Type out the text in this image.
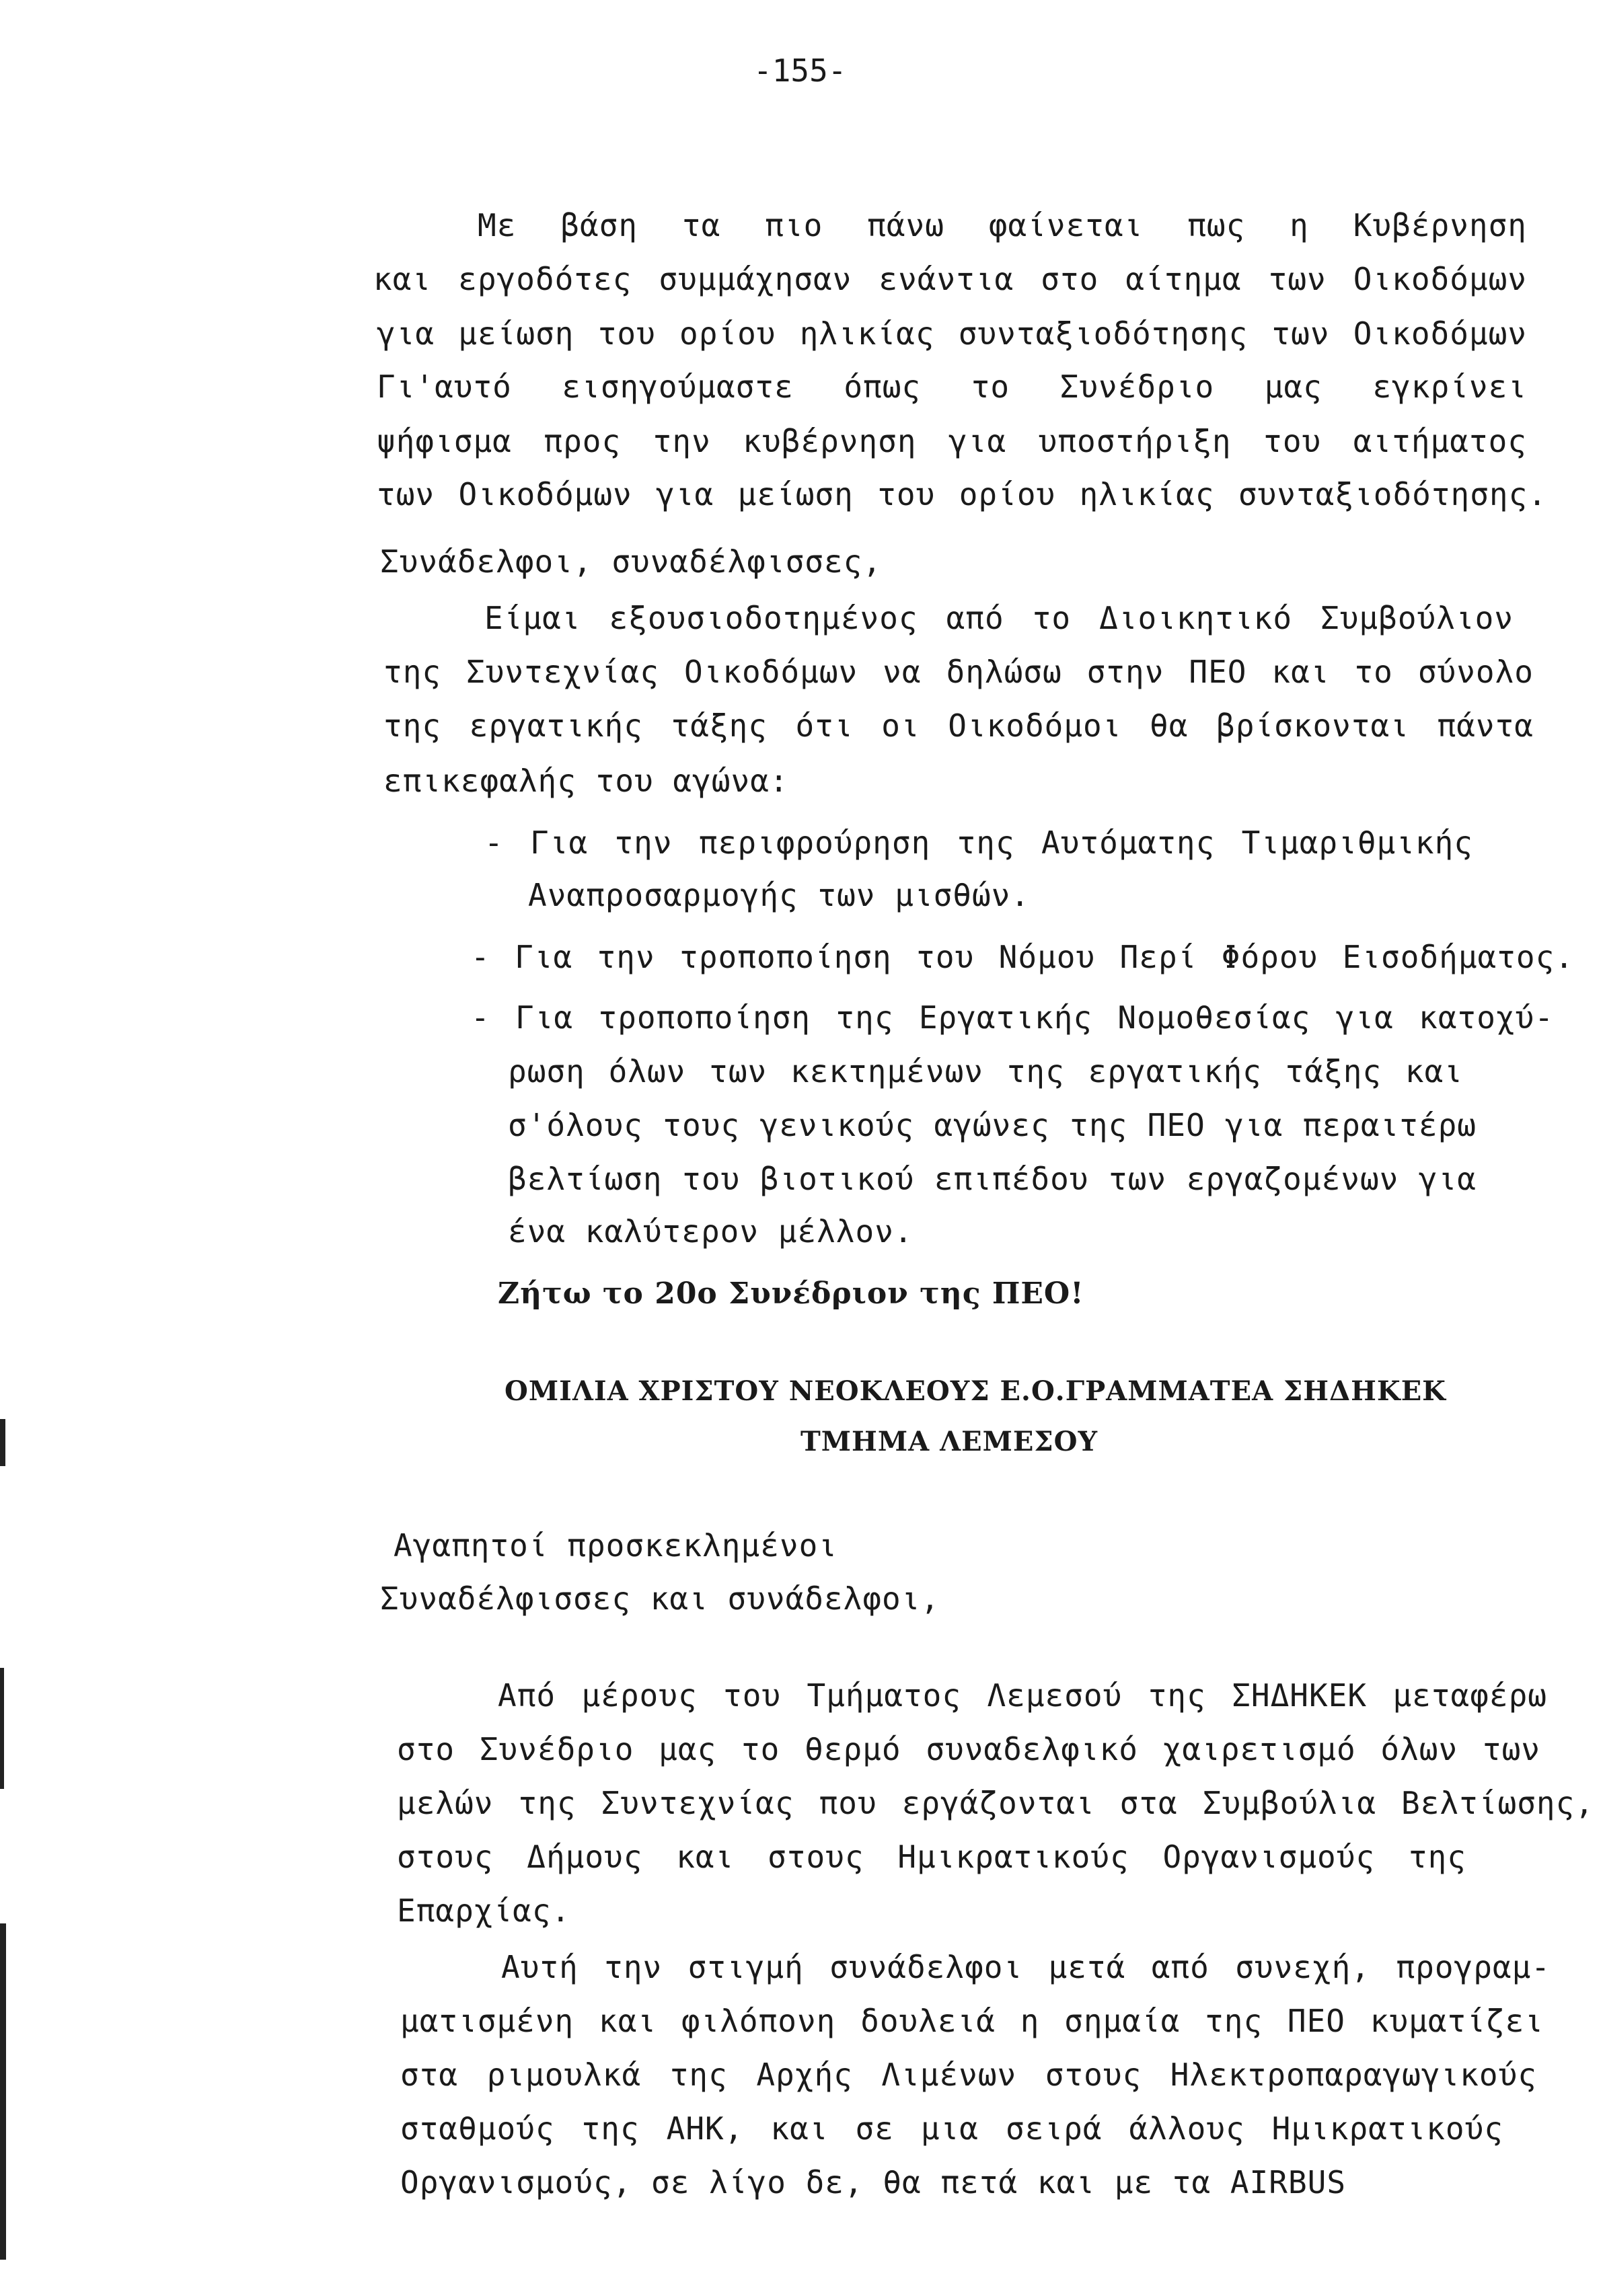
-155-
Με βάση τα πιο πάνω φαίνεται πως η Κυβέρνηση
και εργοδότες συμμάχησαν ενάντια στο αίτημα των Οικοδόμων
για μείωση του ορίου ηλικίας συνταξιοδότησης των Οικοδόμων
Γι'αυτό εισηγούμαστε όπως το Συνέδριο μας εγκρίνει
ψήφισμα προς την κυβέρνηση για υποστήριξη του αιτήματος
των Οικοδόμων για μείωση του ορίου ηλικίας συνταξιοδότησης.
Συνάδελφοι, συναδέλφισσες,
Είμαι εξουσιοδοτημένος από το Διοικητικό Συμβούλιον
της Συντεχνίας Οικοδόμων να δηλώσω στην ΠΕΟ και το σύνολο
της εργατικής τάξης ότι οι Οικοδόμοι θα βρίσκονται πάντα
επικεφαλής του αγώνα:
- Για την περιφρούρηση της Αυτόματης Τιμαριθμικής
Αναπροσαρμογής των μισθών.
- Για την τροποποίηση του Νόμου Περί Φόρου Εισοδήματος.
- Για τροποποίηση της Εργατικής Νομοθεσίας για κατοχύ-
ρωση όλων των κεκτημένων της εργατικής τάξης και
σ'όλους τους γενικούς αγώνες της ΠΕΟ για περαιτέρω
βελτίωση του βιοτικού επιπέδου των εργαζομένων για
ένα καλύτερον μέλλον.
Ζήτω το 20ο Συνέδριον της ΠΕΟ!
ΟΜΙΛΙΑ ΧΡΙΣΤΟΥ ΝΕΟΚΛΕΟΥΣ Ε.Ο.ΓΡΑΜΜΑΤΕΑ ΣΗΔΗΚΕΚ
ΤΜΗΜΑ ΛΕΜΕΣΟΥ
Αγαπητοί προσκεκλημένοι
Συναδέλφισσες και συνάδελφοι,
Από μέρους του Τμήματος Λεμεσού της ΣΗΔΗΚΕΚ μεταφέρω
στο Συνέδριο μας το θερμό συναδελφικό χαιρετισμό όλων των
μελών της Συντεχνίας που εργάζονται στα Συμβούλια Βελτίωσης,
στους Δήμους και στους Ημικρατικούς Οργανισμούς της
Επαρχίας.
Αυτή την στιγμή συνάδελφοι μετά από συνεχή, προγραμ-
ματισμένη και φιλόπονη δουλειά η σημαία της ΠΕΟ κυματίζει
στα ριμουλκά της Αρχής Λιμένων στους Ηλεκτροπαραγωγικούς
σταθμούς της ΑΗΚ, και σε μια σειρά άλλους Ημικρατικούς
Οργανισμούς, σε λίγο δε, θα πετά και με τα AIRBUS
